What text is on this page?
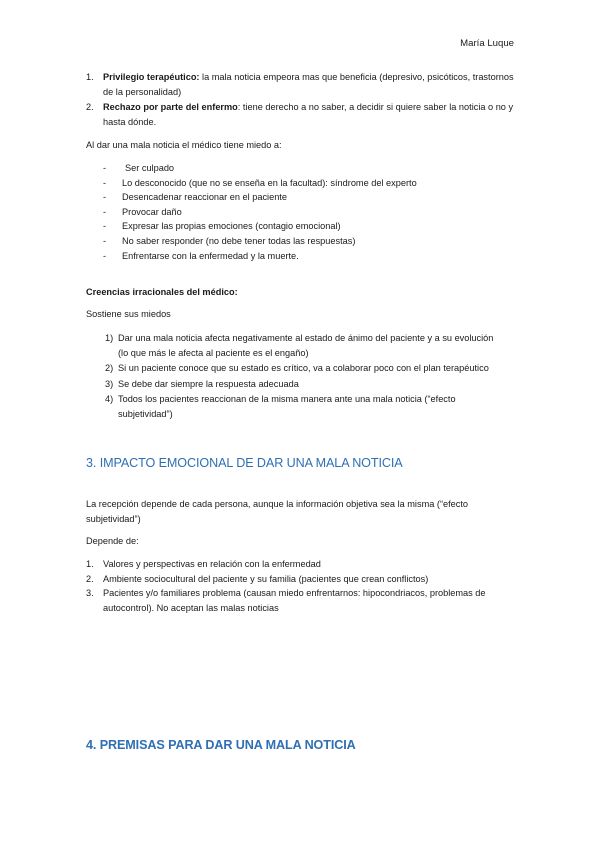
María Luque
1. Privilegio terapéutico: la mala noticia empeora mas que beneficia (depresivo, psicóticos, trastornos de la personalidad)
2. Rechazo por parte del enfermo: tiene derecho a no saber, a decidir si quiere saber la noticia o no y hasta dónde.

Al dar una mala noticia el médico tiene miedo a:

- Ser culpado
- Lo desconocido (que no se enseña en la facultad): síndrome del experto
- Desencadenar reaccionar en el paciente
- Provocar daño
- Expresar las propias emociones (contagio emocional)
- No saber responder (no debe tener todas las respuestas)
- Enfrentarse con la enfermedad y la muerte.

Creencias irracionales del médico:

Sostiene sus miedos

1) Dar una mala noticia afecta negativamente al estado de ánimo del paciente y a su evolución (lo que más le afecta al paciente es el engaño)
2) Si un paciente conoce que su estado es crítico, va a colaborar poco con el plan terapéutico
3) Se debe dar siempre la respuesta adecuada
4) Todos los pacientes reaccionan de la misma manera ante una mala noticia (“efecto subjetividad”)
3. IMPACTO EMOCIONAL DE DAR UNA MALA NOTICIA

La recepción depende de cada persona, aunque la información objetiva sea la misma (“efecto subjetividad”)

Depende de:

1. Valores y perspectivas en relación con la enfermedad
2. Ambiente sociocultural del paciente y su familia (pacientes que crean conflictos)
3. Pacientes y/o familiares problema (causan miedo enfrentarnos: hipocondriacos, problemas de autocontrol). No aceptan las malas noticias
4. PREMISAS PARA DAR UNA MALA NOTICIA
